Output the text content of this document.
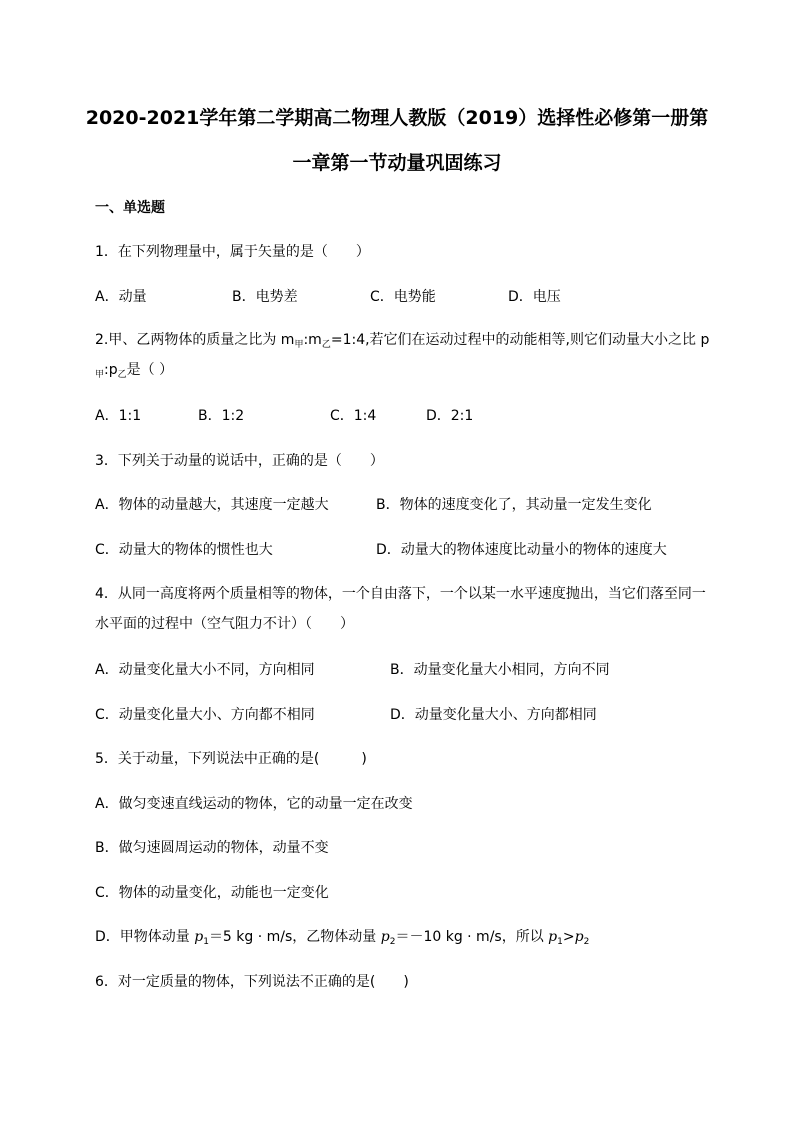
2020-2021学年第二学期高二物理人教版（2019）选择性必修第一册第
一章第一节动量巩固练习
一、单选题
1．在下列物理量中，属于矢量的是（　　）
A．动量	B．电势差	C．电势能	D．电压
2.甲、乙两物体的质量之比为 $m_甲:m_乙=1:4$,若它们在运动过程中的动能相等,则它们动量大小之比 p
$_甲:p_乙$是（ ）
A．1:1	B．1:2	C．1:4	D．2:1
3．下列关于动量的说话中，正确的是（　　）
A．物体的动量越大，其速度一定越大	B．物体的速度变化了，其动量一定发生变化
C．动量大的物体的惯性也大	D．动量大的物体速度比动量小的物体的速度大
4．从同一高度将两个质量相等的物体，一个自由落下，一个以某一水平速度抛出，当它们落至同一
水平面的过程中（空气阻力不计）（　　）
A．动量变化量大小不同，方向相同	B．动量变化量大小相同，方向不同
C．动量变化量大小、方向都不相同	D．动量变化量大小、方向都相同
5．关于动量，下列说法中正确的是(　　　)
A．做匀变速直线运动的物体，它的动量一定在改变
B．做匀速圆周运动的物体，动量不变
C．物体的动量变化，动能也一定变化
D．甲物体动量 $p_1=5$ kg · m/s，乙物体动量 $p_2=-10$ kg · m/s，所以 $p_1>p_2$
6．对一定质量的物体，下列说法不正确的是(　　)
